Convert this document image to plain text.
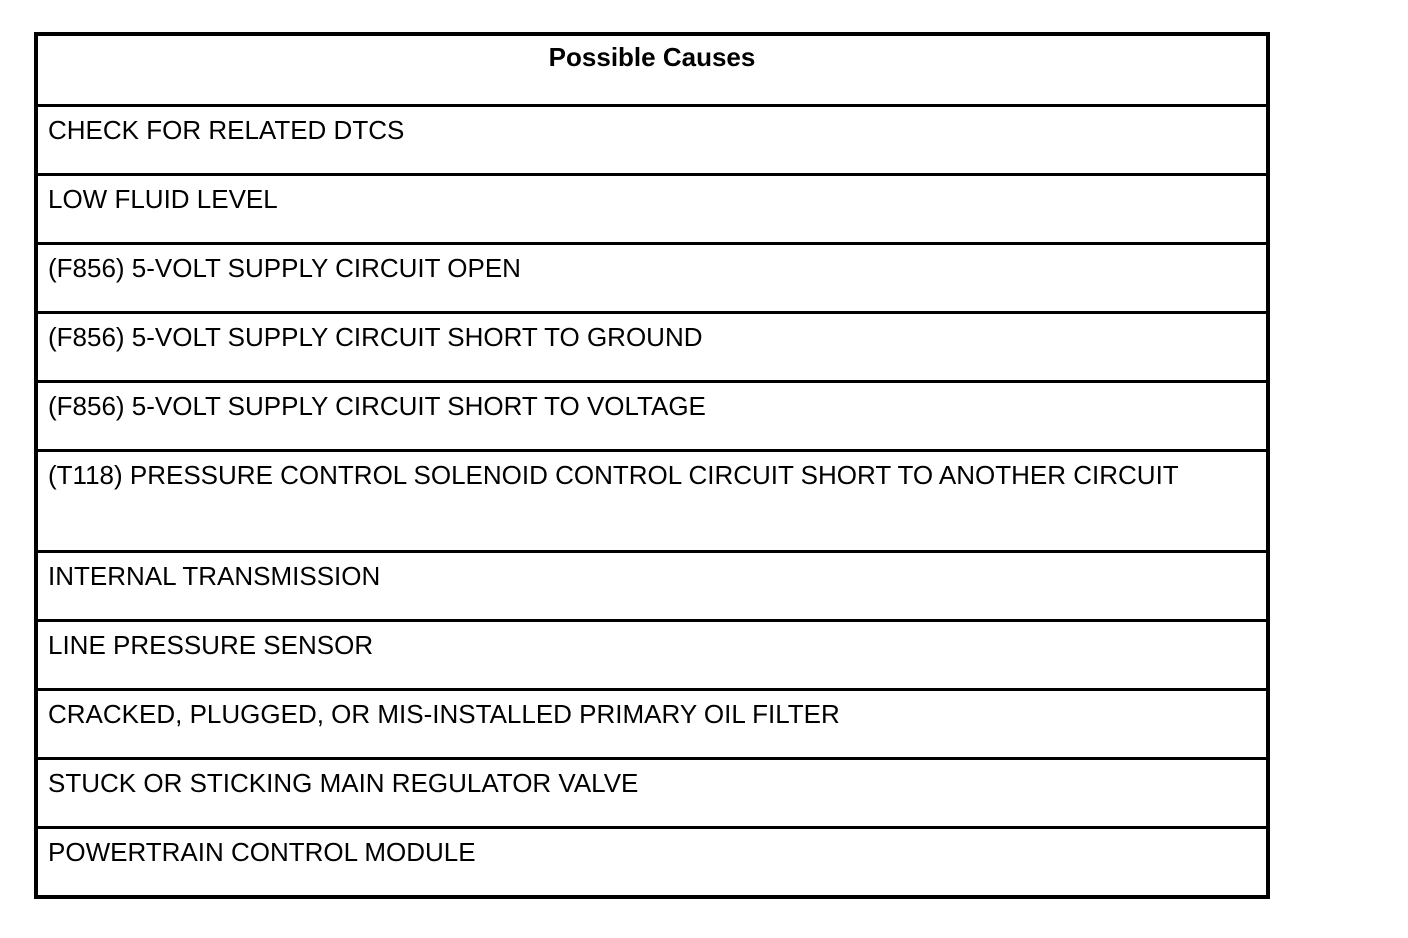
Possible Causes
CHECK FOR RELATED DTCS
LOW FLUID LEVEL
(F856) 5-VOLT SUPPLY CIRCUIT OPEN
(F856) 5-VOLT SUPPLY CIRCUIT SHORT TO GROUND
(F856) 5-VOLT SUPPLY CIRCUIT SHORT TO VOLTAGE
(T118) PRESSURE CONTROL SOLENOID CONTROL CIRCUIT SHORT TO ANOTHER CIRCUIT
INTERNAL TRANSMISSION
LINE PRESSURE SENSOR
CRACKED, PLUGGED, OR MIS-INSTALLED PRIMARY OIL FILTER
STUCK OR STICKING MAIN REGULATOR VALVE
POWERTRAIN CONTROL MODULE
